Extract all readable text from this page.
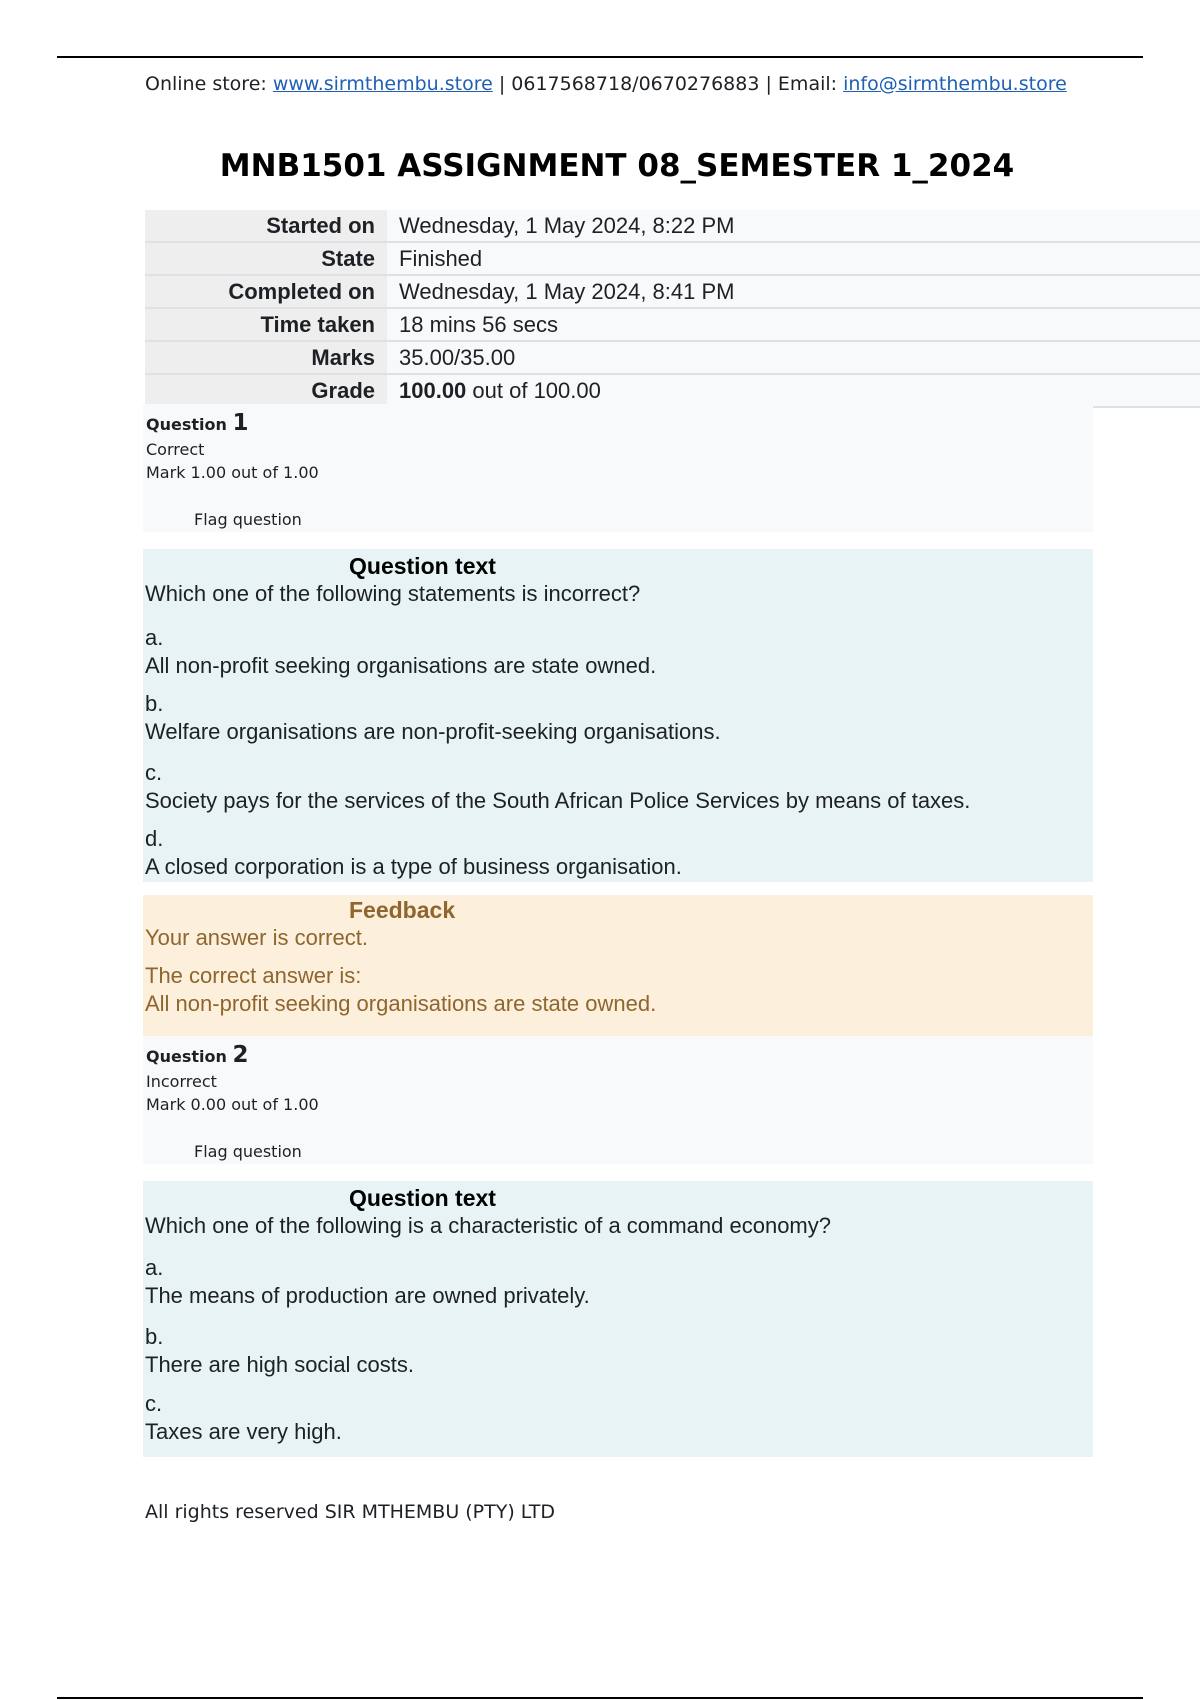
Online store: www.sirmthembu.store | 0617568718/0670276883 | Email: info@sirmthembu.store
MNB1501 ASSIGNMENT 08_SEMESTER 1_2024
Started on	Wednesday, 1 May 2024, 8:22 PM
State	Finished
Completed on	Wednesday, 1 May 2024, 8:41 PM
Time taken	18 mins 56 secs
Marks	35.00/35.00
Grade	100.00 out of 100.00
Question 1
Correct
Mark 1.00 out of 1.00
Flag question
Question text
Which one of the following statements is incorrect?
a.
All non-profit seeking organisations are state owned.
b.
Welfare organisations are non-profit-seeking organisations.
c.
Society pays for the services of the South African Police Services by means of taxes.
d.
A closed corporation is a type of business organisation.
Feedback
Your answer is correct.
The correct answer is:
All non-profit seeking organisations are state owned.
Question 2
Incorrect
Mark 0.00 out of 1.00
Flag question
Question text
Which one of the following is a characteristic of a command economy?
a.
The means of production are owned privately.
b.
There are high social costs.
c.
Taxes are very high.
All rights reserved SIR MTHEMBU (PTY) LTD
